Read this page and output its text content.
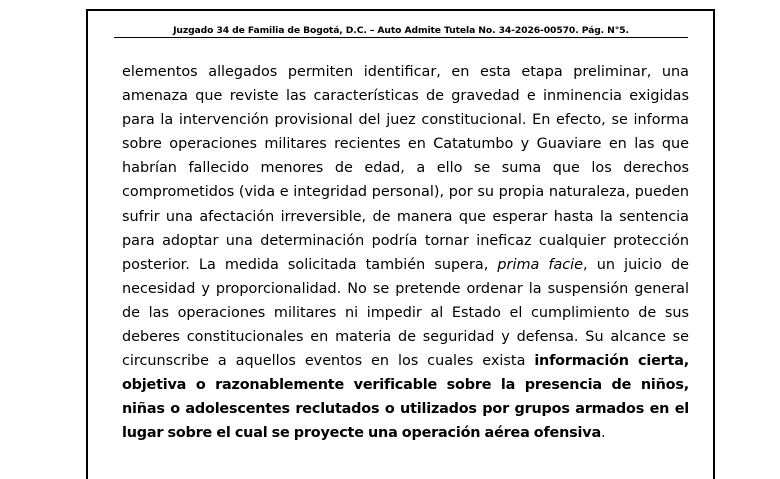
Juzgado 34 de Familia de Bogotá, D.C. – Auto Admite Tutela No. 34-2026-00570. Pág. N°5.

elementos allegados permiten identificar, en esta etapa preliminar, una amenaza que reviste las características de gravedad e inminencia exigidas para la intervención provisional del juez constitucional. En efecto, se informa sobre operaciones militares recientes en Catatumbo y Guaviare en las que habrían fallecido menores de edad, a ello se suma que los derechos comprometidos (vida e integridad personal), por su propia naturaleza, pueden sufrir una afectación irreversible, de manera que esperar hasta la sentencia para adoptar una determinación podría tornar ineficaz cualquier protección posterior. La medida solicitada también supera, prima facie, un juicio de necesidad y proporcionalidad. No se pretende ordenar la suspensión general de las operaciones militares ni impedir al Estado el cumplimiento de sus deberes constitucionales en materia de seguridad y defensa. Su alcance se circunscribe a aquellos eventos en los cuales exista información cierta, objetiva o razonablemente verificable sobre la presencia de niños, niñas o adolescentes reclutados o utilizados por grupos armados en el lugar sobre el cual se proyecte una operación aérea ofensiva.
